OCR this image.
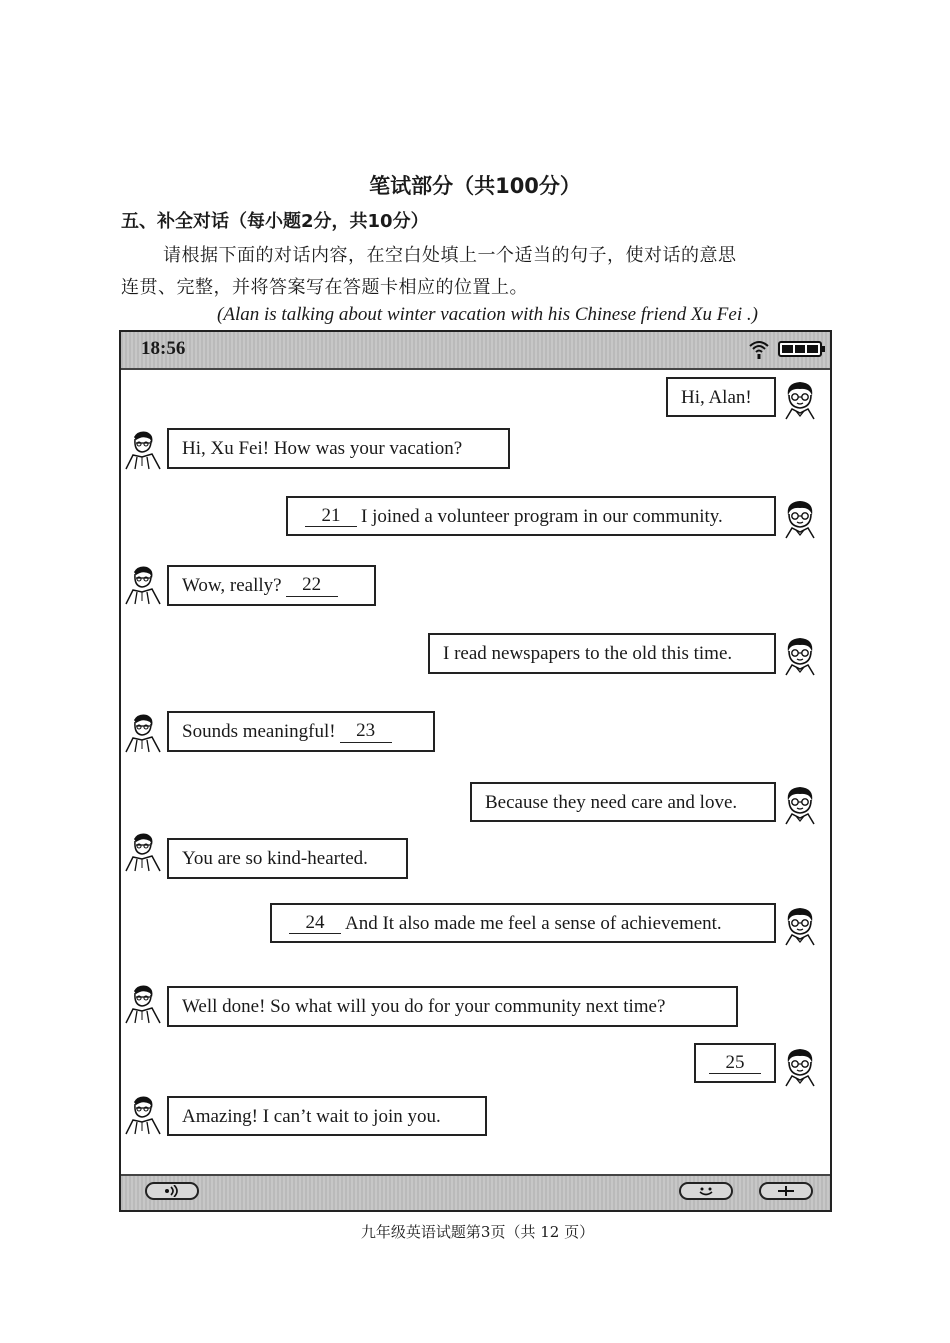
笔试部分（共100分）
五、补全对话（每小题2分，共10分）
请根据下面的对话内容，在空白处填上一个适当的句子，使对话的意思
连贯、完整，并将答案写在答题卡相应的位置上。
(Alan is talking about winter vacation with his Chinese friend Xu Fei .)
18:56
Hi, Alan!
Hi, Xu Fei! How was your vacation?
21	I joined a volunteer program in our community.
Wow, really?	22
I read newspapers to the old this time.
Sounds meaningful!	23
Because they need care and love.
You are so kind-hearted.
24	And It also made me feel a sense of achievement.
Well done! So what will you do for your community next time?
25
Amazing! I can’t wait to join you.
九年级英语试题第3页（共 12 页）
